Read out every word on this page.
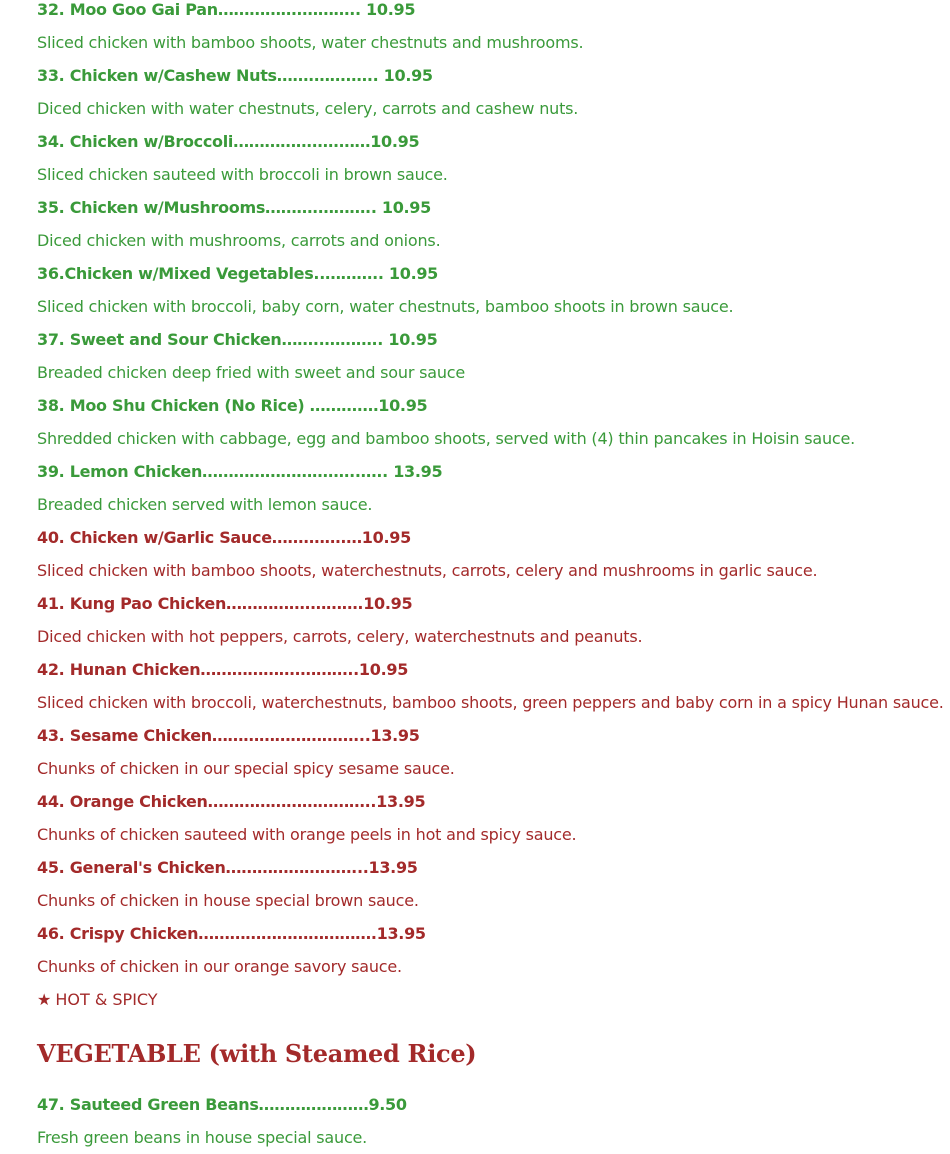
32. Moo Goo Gai Pan…………….……….. 10.95
Sliced chicken with bamboo shoots, water chestnuts and mushrooms.
33. Chicken w/Cashew Nuts…….…….….. 10.95
Diced chicken with water chestnuts, celery, carrots and cashew nuts.
34. Chicken w/Broccoli…………….….……10.95
Sliced chicken sauteed with broccoli in brown sauce.
35. Chicken w/Mushrooms……….……….. 10.95
Diced chicken with mushrooms, carrots and onions.
36.Chicken w/Mixed Vegetables..……….. 10.95
Sliced chicken with broccoli, baby corn, water chestnuts, bamboo shoots in brown sauce.
37. Sweet and Sour Chicken……..……….. 10.95
Breaded chicken deep fried with sweet and sour sauce
38. Moo Shu Chicken (No Rice) ……….…10.95
Shredded chicken with cabbage, egg and bamboo shoots, served with (4) thin pancakes in Hoisin sauce.
39. Lemon Chicken…………………….…..….. 13.95
Breaded chicken served with lemon sauce.
40. Chicken w/Garlic Sauce…….…….…10.95
Sliced chicken with bamboo shoots, waterchestnuts, carrots, celery and mushrooms in garlic sauce.
41. Kung Pao Chicken…………….……….10.95
Diced chicken with hot peppers, carrots, celery, waterchestnuts and peanuts.
42. Hunan Chicken……………….………..10.95
Sliced chicken with broccoli, waterchestnuts, bamboo shoots, green peppers and baby corn in a spicy Hunan sauce.
43. Sesame Chicken………………………...13.95
Chunks of chicken in our special spicy sesame sauce.
44. Orange Chicken…………………………..13.95
Chunks of chicken sauteed with orange peels in hot and spicy sauce.
45. General's Chicken……………………...13.95
Chunks of chicken in house special brown sauce.
46. Crispy Chicken…………………………….13.95
Chunks of chicken in our orange savory sauce.
★ HOT & SPICY
VEGETABLE (with Steamed Rice)
47. Sauteed Green Beans…………………9.50
Fresh green beans in house special sauce.
